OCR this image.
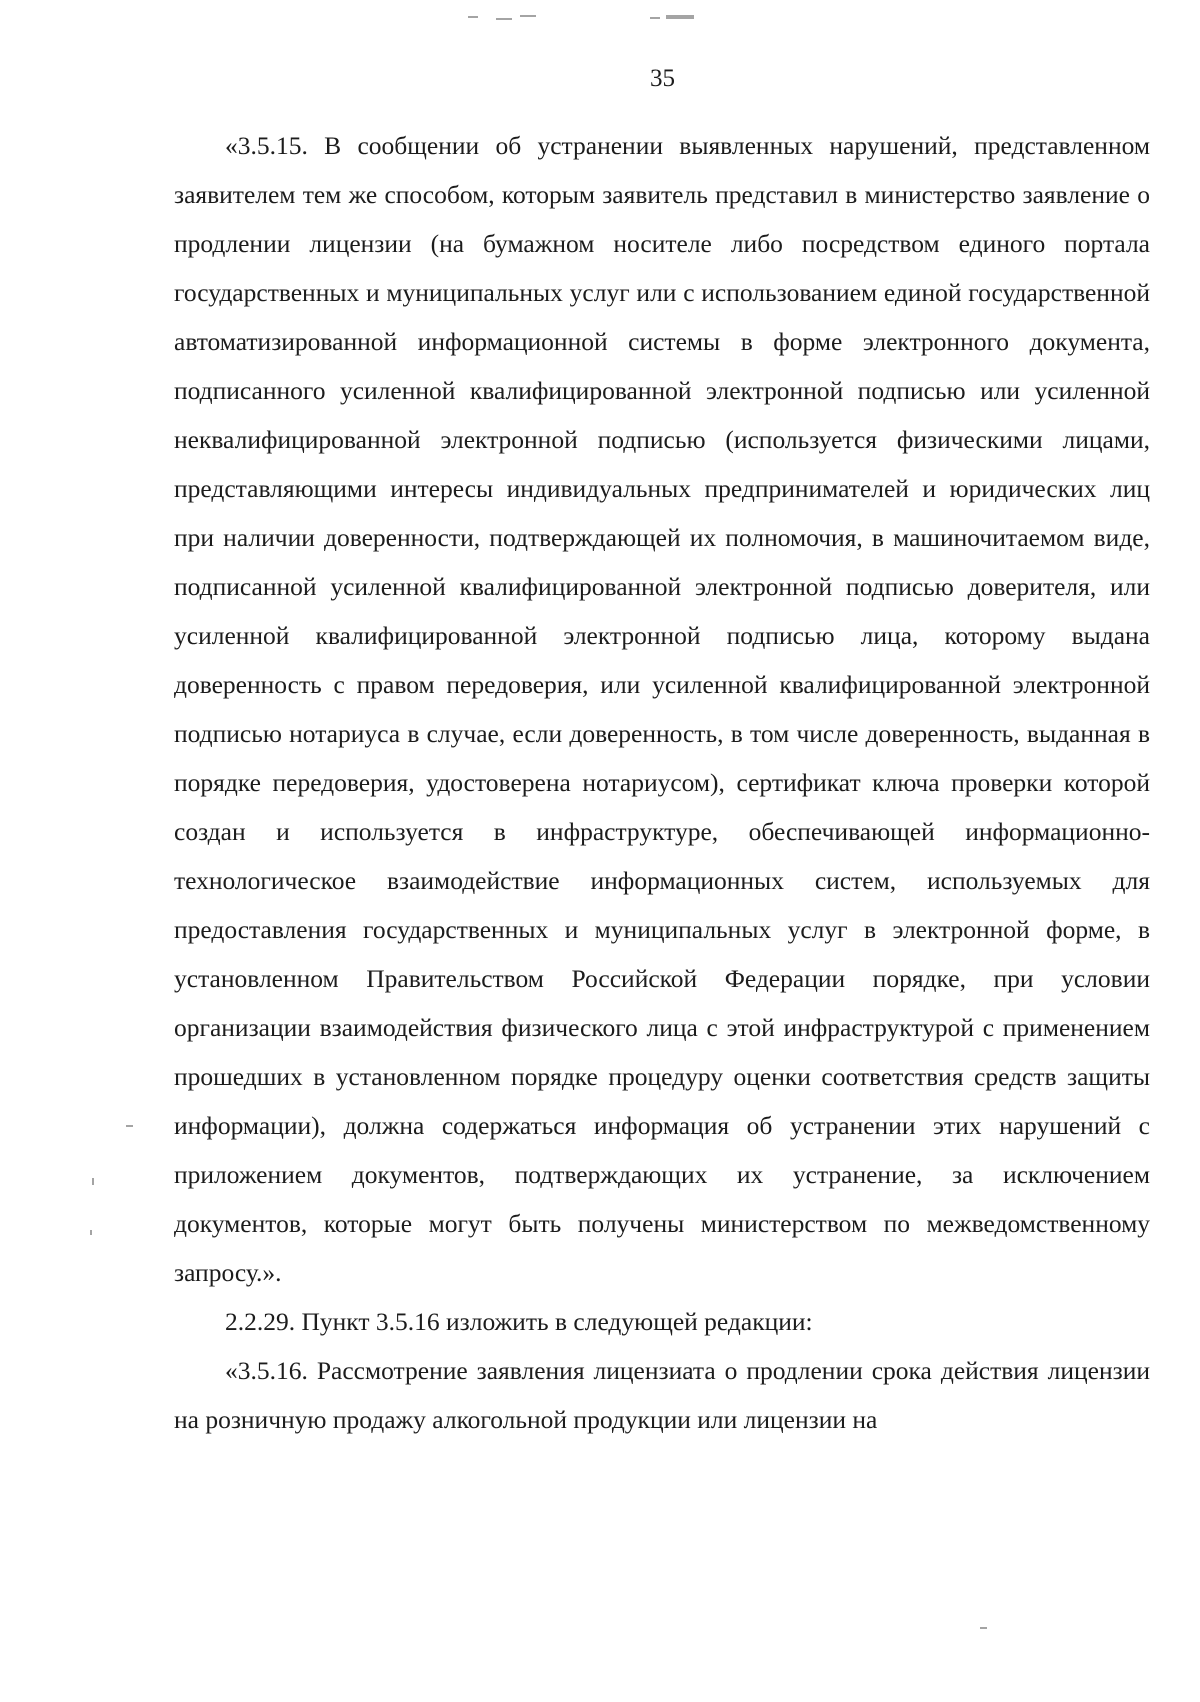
35

«3.5.15. В сообщении об устранении выявленных нарушений, представленном заявителем тем же способом, которым заявитель представил в министерство заявление о продлении лицензии (на бумажном носителе либо посредством единого портала государственных и муниципальных услуг или с использованием единой государственной автоматизированной информационной системы в форме электронного документа, подписанного усиленной квалифицированной электронной подписью или усиленной неквалифицированной электронной подписью (используется физическими лицами, представляющими интересы индивидуальных предпринимателей и юридических лиц при наличии доверенности, подтверждающей их полномочия, в машиночитаемом виде, подписанной усиленной квалифицированной электронной подписью доверителя, или усиленной квалифицированной электронной подписью лица, которому выдана доверенность с правом передоверия, или усиленной квалифицированной электронной подписью нотариуса в случае, если доверенность, в том числе доверенность, выданная в порядке передоверия, удостоверена нотариусом), сертификат ключа проверки которой создан и используется в инфраструктуре, обеспечивающей информационно-технологическое взаимодействие информационных систем, используемых для предоставления государственных и муниципальных услуг в электронной форме, в установленном Правительством Российской Федерации порядке, при условии организации взаимодействия физического лица с этой инфраструктурой с применением прошедших в установленном порядке процедуру оценки соответствия средств защиты информации), должна содержаться информация об устранении этих нарушений с приложением документов, подтверждающих их устранение, за исключением документов, которые могут быть получены министерством по межведомственному запросу.».

2.2.29. Пункт 3.5.16 изложить в следующей редакции:

«3.5.16. Рассмотрение заявления лицензиата о продлении срока действия лицензии на розничную продажу алкогольной продукции или лицензии на
